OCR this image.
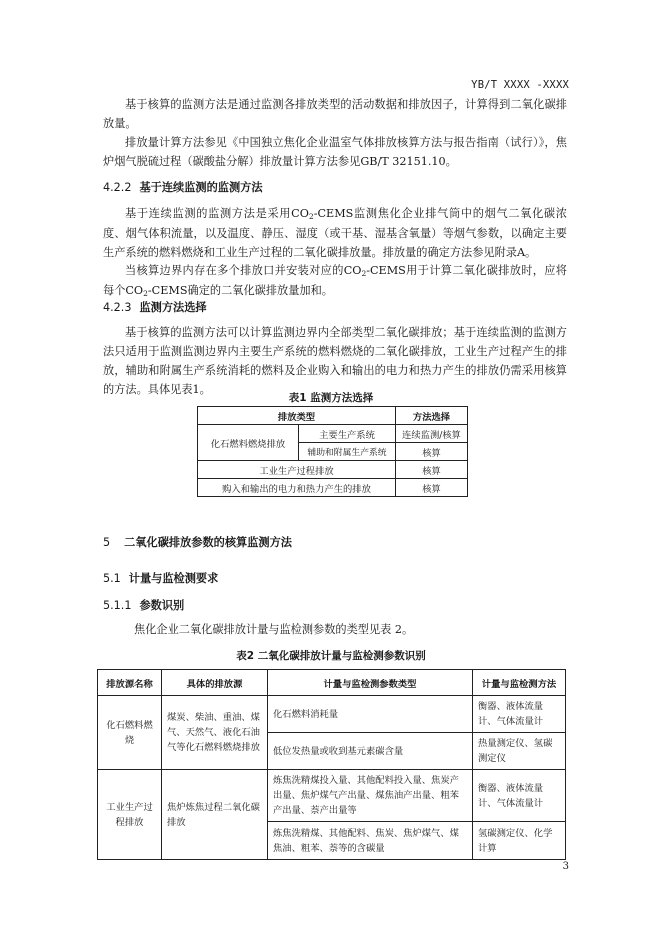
YB/T XXXX -XXXX

基于核算的监测方法是通过监测各排放类型的活动数据和排放因子，计算得到二氧化碳排放量。

排放量计算方法参见《中国独立焦化企业温室气体排放核算方法与报告指南（试行）》，焦炉烟气脱硫过程（碳酸盐分解）排放量计算方法参见GB/T 32151.10。

4.2.2 基于连续监测的监测方法

基于连续监测的监测方法是采用$CO_2$-CEMS监测焦化企业排气筒中的烟气二氧化碳浓度、烟气体积流量，以及温度、静压、湿度（或干基、湿基含氧量）等烟气参数，以确定主要生产系统的燃料燃烧和工业生产过程的二氧化碳排放量。排放量的确定方法参见附录A。

当核算边界内存在多个排放口并安装对应的$CO_2$-CEMS用于计算二氧化碳排放时，应将每个$CO_2$-CEMS确定的二氧化碳排放量加和。

4.2.3 监测方法选择

基于核算的监测方法可以计算监测边界内全部类型二氧化碳排放；基于连续监测的监测方法只适用于监测监测边界内主要生产系统的燃料燃烧的二氧化碳排放，工业生产过程产生的排放，辅助和附属生产系统消耗的燃料及企业购入和输出的电力和热力产生的排放仍需采用核算的方法。具体见表1。

表1 监测方法选择
排放类型		方法选择
化石燃料燃烧排放	主要生产系统	连续监测/核算
	辅助和附属生产系统	核算
工业生产过程排放		核算
购入和输出的电力和热力产生的排放		核算
5 二氧化碳排放参数的核算监测方法
5.1 计量与监检测要求
5.1.1 参数识别

焦化企业二氧化碳排放计量与监检测参数的类型见表 2。

表2 二氧化碳排放计量与监检测参数识别
排放源名称	具体的排放源	计量与监检测参数类型	计量与监检测方法
化石燃料燃烧	煤炭、柴油、重油、煤气、天然气、液化石油气等化石燃料燃烧排放	化石燃料消耗量	衡器、液体流量计、气体流量计
		低位发热量或收到基元素碳含量	热量测定仪、氢碳测定仪
工业生产过程排放	焦炉炼焦过程二氧化碳排放	炼焦洗精煤投入量、其他配料投入量、焦炭产出量、焦炉煤气产出量、煤焦油产出量、粗苯产出量、萘产出量等	衡器、液体流量计、气体流量计
		炼焦洗精煤、其他配料、焦炭、焦炉煤气、煤焦油、粗苯、萘等的含碳量	氢碳测定仪、化学计算
3
